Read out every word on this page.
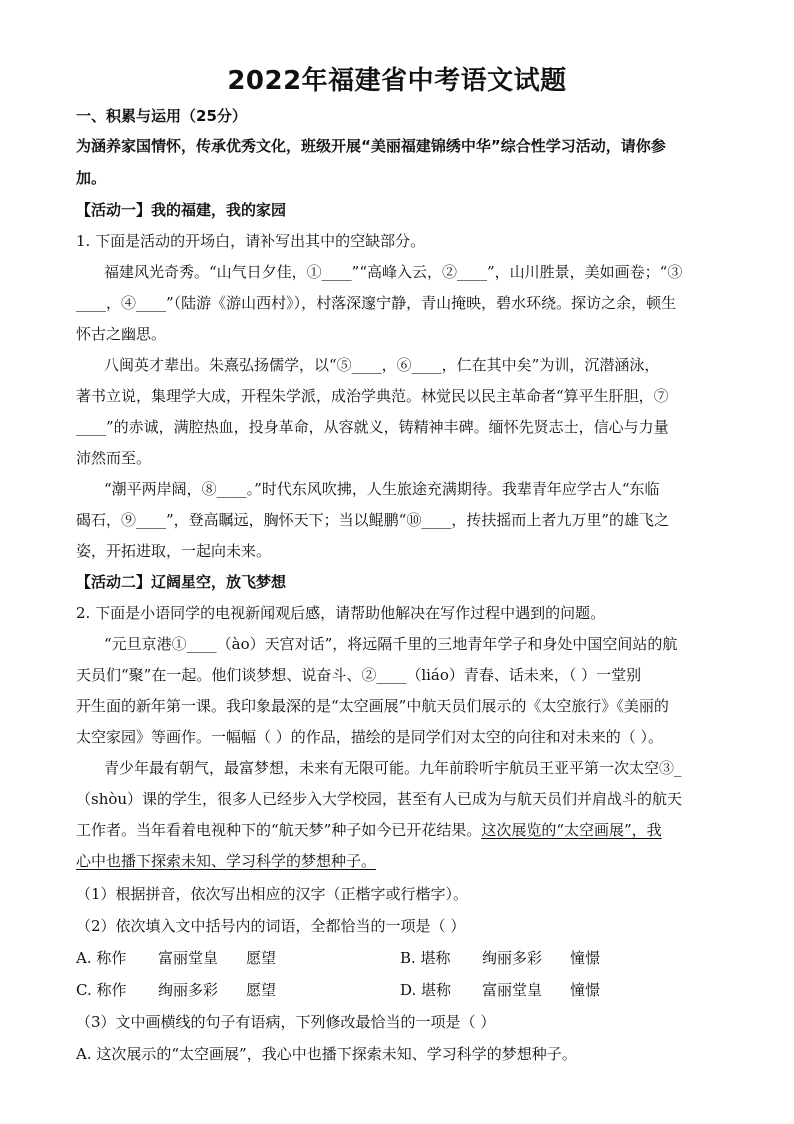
2022年福建省中考语文试题
一、积累与运用（25分）
为涵养家国情怀，传承优秀文化，班级开展“美丽福建锦绣中华”综合性学习活动，请你参
加。
【活动一】我的福建，我的家园
1. 下面是活动的开场白，请补写出其中的空缺部分。
福建风光奇秀。“山气日夕佳，①____”“高峰入云，②____”，山川胜景，美如画卷；“③
____，④____”（陆游《游山西村》），村落深邃宁静，青山掩映，碧水环绕。探访之余，顿生
怀古之幽思。
八闽英才辈出。朱熹弘扬儒学，以“⑤____，⑥____，仁在其中矣”为训，沉潜涵泳，
著书立说，集理学大成，开程朱学派，成治学典范。林觉民以民主革命者“算平生肝胆，⑦
____”的赤诚，满腔热血，投身革命，从容就义，铸精神丰碑。缅怀先贤志士，信心与力量
沛然而至。
“潮平两岸阔，⑧____。”时代东风吹拂，人生旅途充满期待。我辈青年应学古人“东临
碣石，⑨____”，登高瞩远，胸怀天下；当以鲲鹏“⑩____，抟扶摇而上者九万里”的雄飞之
姿，开拓进取，一起向未来。
【活动二】辽阔星空，放飞梦想
2. 下面是小语同学的电视新闻观后感，请帮助他解决在写作过程中遇到的问题。
“元旦京港①____（ào）天宫对话”，将远隔千里的三地青年学子和身处中国空间站的航
天员们“聚”在一起。他们谈梦想、说奋斗、②____（liáo）青春、话未来，（ ）一堂别
开生面的新年第一课。我印象最深的是“太空画展”中航天员们展示的《太空旅行》《美丽的
太空家园》等画作。一幅幅（ ）的作品，描绘的是同学们对太空的向往和对未来的（ ）。
青少年最有朝气，最富梦想，未来有无限可能。九年前聆听宇航员王亚平第一次太空③_
（shòu）课的学生，很多人已经步入大学校园，甚至有人已成为与航天员们并肩战斗的航天
工作者。当年看着电视种下的“航天梦”种子如今已开花结果。这次展览的“太空画展”，我
心中也播下探索未知、学习科学的梦想种子。
（1）根据拼音，依次写出相应的汉字（正楷字或行楷字）。
（2）依次填入文中括号内的词语，全都恰当的一项是（ ）
A. 称作 富丽堂皇 愿望	B. 堪称 绚丽多彩 憧憬
C. 称作 绚丽多彩 愿望	D. 堪称 富丽堂皇 憧憬
（3）文中画横线的句子有语病，下列修改最恰当的一项是（ ）
A. 这次展示的“太空画展”，我心中也播下探索未知、学习科学的梦想种子。
